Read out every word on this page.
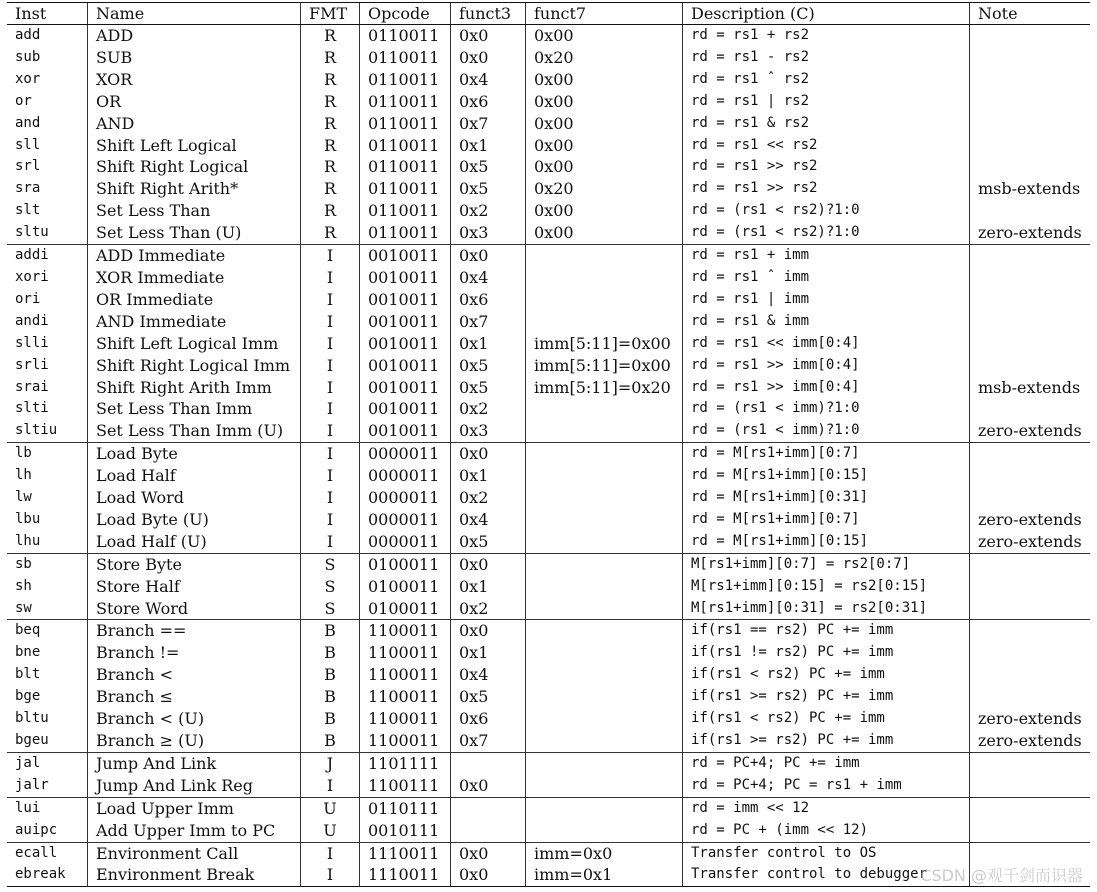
Inst	Name	FMT	Opcode	funct3	funct7	Description (C)	Note
add	ADD	R	0110011	0x0	0x00	rd = rs1 + rs2	
sub	SUB	R	0110011	0x0	0x20	rd = rs1 - rs2	
xor	XOR	R	0110011	0x4	0x00	rd = rs1 ˆ rs2	
or	OR	R	0110011	0x6	0x00	rd = rs1 | rs2	
and	AND	R	0110011	0x7	0x00	rd = rs1 & rs2	
sll	Shift Left Logical	R	0110011	0x1	0x00	rd = rs1 << rs2	
srl	Shift Right Logical	R	0110011	0x5	0x00	rd = rs1 >> rs2	
sra	Shift Right Arith*	R	0110011	0x5	0x20	rd = rs1 >> rs2	msb-extends
slt	Set Less Than	R	0110011	0x2	0x00	rd = (rs1 < rs2)?1:0	
sltu	Set Less Than (U)	R	0110011	0x3	0x00	rd = (rs1 < rs2)?1:0	zero-extends
addi	ADD Immediate	I	0010011	0x0		rd = rs1 + imm	
xori	XOR Immediate	I	0010011	0x4		rd = rs1 ˆ imm	
ori	OR Immediate	I	0010011	0x6		rd = rs1 | imm	
andi	AND Immediate	I	0010011	0x7		rd = rs1 & imm	
slli	Shift Left Logical Imm	I	0010011	0x1	imm[5:11]=0x00	rd = rs1 << imm[0:4]	
srli	Shift Right Logical Imm	I	0010011	0x5	imm[5:11]=0x00	rd = rs1 >> imm[0:4]	
srai	Shift Right Arith Imm	I	0010011	0x5	imm[5:11]=0x20	rd = rs1 >> imm[0:4]	msb-extends
slti	Set Less Than Imm	I	0010011	0x2		rd = (rs1 < imm)?1:0	
sltiu	Set Less Than Imm (U)	I	0010011	0x3		rd = (rs1 < imm)?1:0	zero-extends
lb	Load Byte	I	0000011	0x0		rd = M[rs1+imm][0:7]	
lh	Load Half	I	0000011	0x1		rd = M[rs1+imm][0:15]	
lw	Load Word	I	0000011	0x2		rd = M[rs1+imm][0:31]	
lbu	Load Byte (U)	I	0000011	0x4		rd = M[rs1+imm][0:7]	zero-extends
lhu	Load Half (U)	I	0000011	0x5		rd = M[rs1+imm][0:15]	zero-extends
sb	Store Byte	S	0100011	0x0		M[rs1+imm][0:7] = rs2[0:7]	
sh	Store Half	S	0100011	0x1		M[rs1+imm][0:15] = rs2[0:15]	
sw	Store Word	S	0100011	0x2		M[rs1+imm][0:31] = rs2[0:31]	
beq	Branch ==	B	1100011	0x0		if(rs1 == rs2) PC += imm	
bne	Branch !=	B	1100011	0x1		if(rs1 != rs2) PC += imm	
blt	Branch <	B	1100011	0x4		if(rs1 < rs2) PC += imm	
bge	Branch ≤	B	1100011	0x5		if(rs1 >= rs2) PC += imm	
bltu	Branch < (U)	B	1100011	0x6		if(rs1 < rs2) PC += imm	zero-extends
bgeu	Branch ≥ (U)	B	1100011	0x7		if(rs1 >= rs2) PC += imm	zero-extends
jal	Jump And Link	J	1101111			rd = PC+4; PC += imm	
jalr	Jump And Link Reg	I	1100111	0x0		rd = PC+4; PC = rs1 + imm	
lui	Load Upper Imm	U	0110111			rd = imm << 12	
auipc	Add Upper Imm to PC	U	0010111			rd = PC + (imm << 12)	
ecall	Environment Call	I	1110011	0x0	imm=0x0	Transfer control to OS	
ebreak	Environment Break	I	1110011	0x0	imm=0x1	Transfer control to debugger	
CSDN @观千剑而识器
